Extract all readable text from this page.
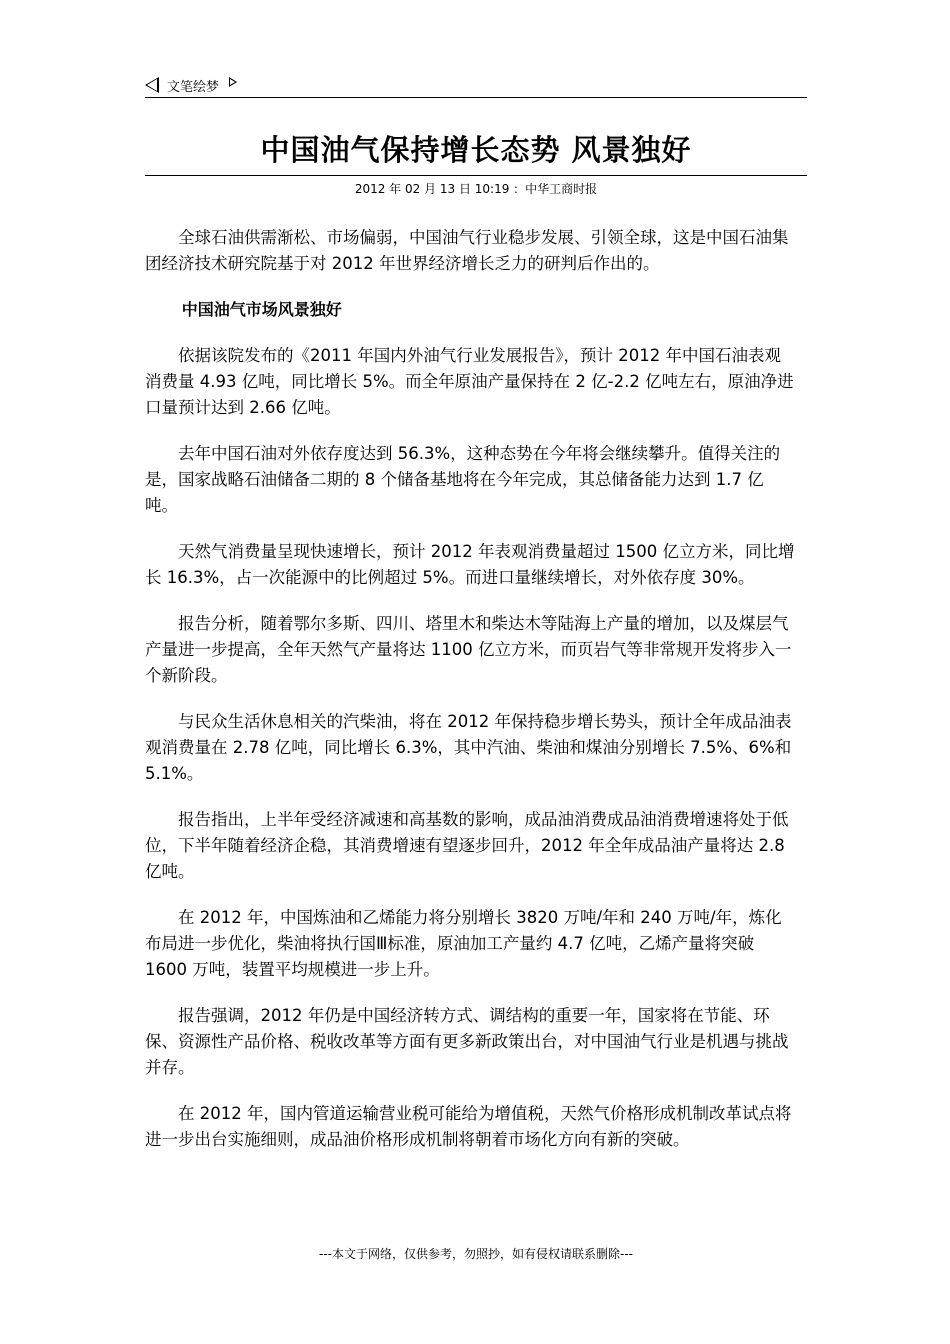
文笔绘梦
中国油气保持增长态势 风景独好
2012 年 02 月 13 日 10:19 ：中华工商时报

全球石油供需渐松、市场偏弱，中国油气行业稳步发展、引领全球，这是中国石油集团经济技术研究院基于对 2012 年世界经济增长乏力的研判后作出的。

中国油气市场风景独好

依据该院发布的《2011 年国内外油气行业发展报告》，预计 2012 年中国石油表观消费量 4.93 亿吨，同比增长 5%。而全年原油产量保持在 2 亿-2.2 亿吨左右，原油净进口量预计达到 2.66 亿吨。

去年中国石油对外依存度达到 56.3%，这种态势在今年将会继续攀升。值得关注的是，国家战略石油储备二期的 8 个储备基地将在今年完成，其总储备能力达到 1.7 亿吨。

天然气消费量呈现快速增长，预计 2012 年表观消费量超过 1500 亿立方米，同比增长 16.3%，占一次能源中的比例超过 5%。而进口量继续增长，对外依存度 30%。

报告分析，随着鄂尔多斯、四川、塔里木和柴达木等陆海上产量的增加，以及煤层气产量进一步提高，全年天然气产量将达 1100 亿立方米，而页岩气等非常规开发将步入一个新阶段。

与民众生活休息相关的汽柴油，将在 2012 年保持稳步增长势头，预计全年成品油表观消费量在 2.78 亿吨，同比增长 6.3%，其中汽油、柴油和煤油分别增长 7.5%、6%和 5.1%。

报告指出，上半年受经济减速和高基数的影响，成品油消费成品油消费增速将处于低位，下半年随着经济企稳，其消费增速有望逐步回升，2012 年全年成品油产量将达 2.8 亿吨。

在 2012 年，中国炼油和乙烯能力将分别增长 3820 万吨/年和 240 万吨/年，炼化布局进一步优化，柴油将执行国Ⅲ标准，原油加工产量约 4.7 亿吨，乙烯产量将突破 1600 万吨，装置平均规模进一步上升。

报告强调，2012 年仍是中国经济转方式、调结构的重要一年，国家将在节能、环保、资源性产品价格、税收改革等方面有更多新政策出台，对中国油气行业是机遇与挑战并存。

在 2012 年，国内管道运输营业税可能给为增值税，天然气价格形成机制改革试点将进一步出台实施细则，成品油价格形成机制将朝着市场化方向有新的突破。

---本文于网络，仅供参考，勿照抄，如有侵权请联系删除---
